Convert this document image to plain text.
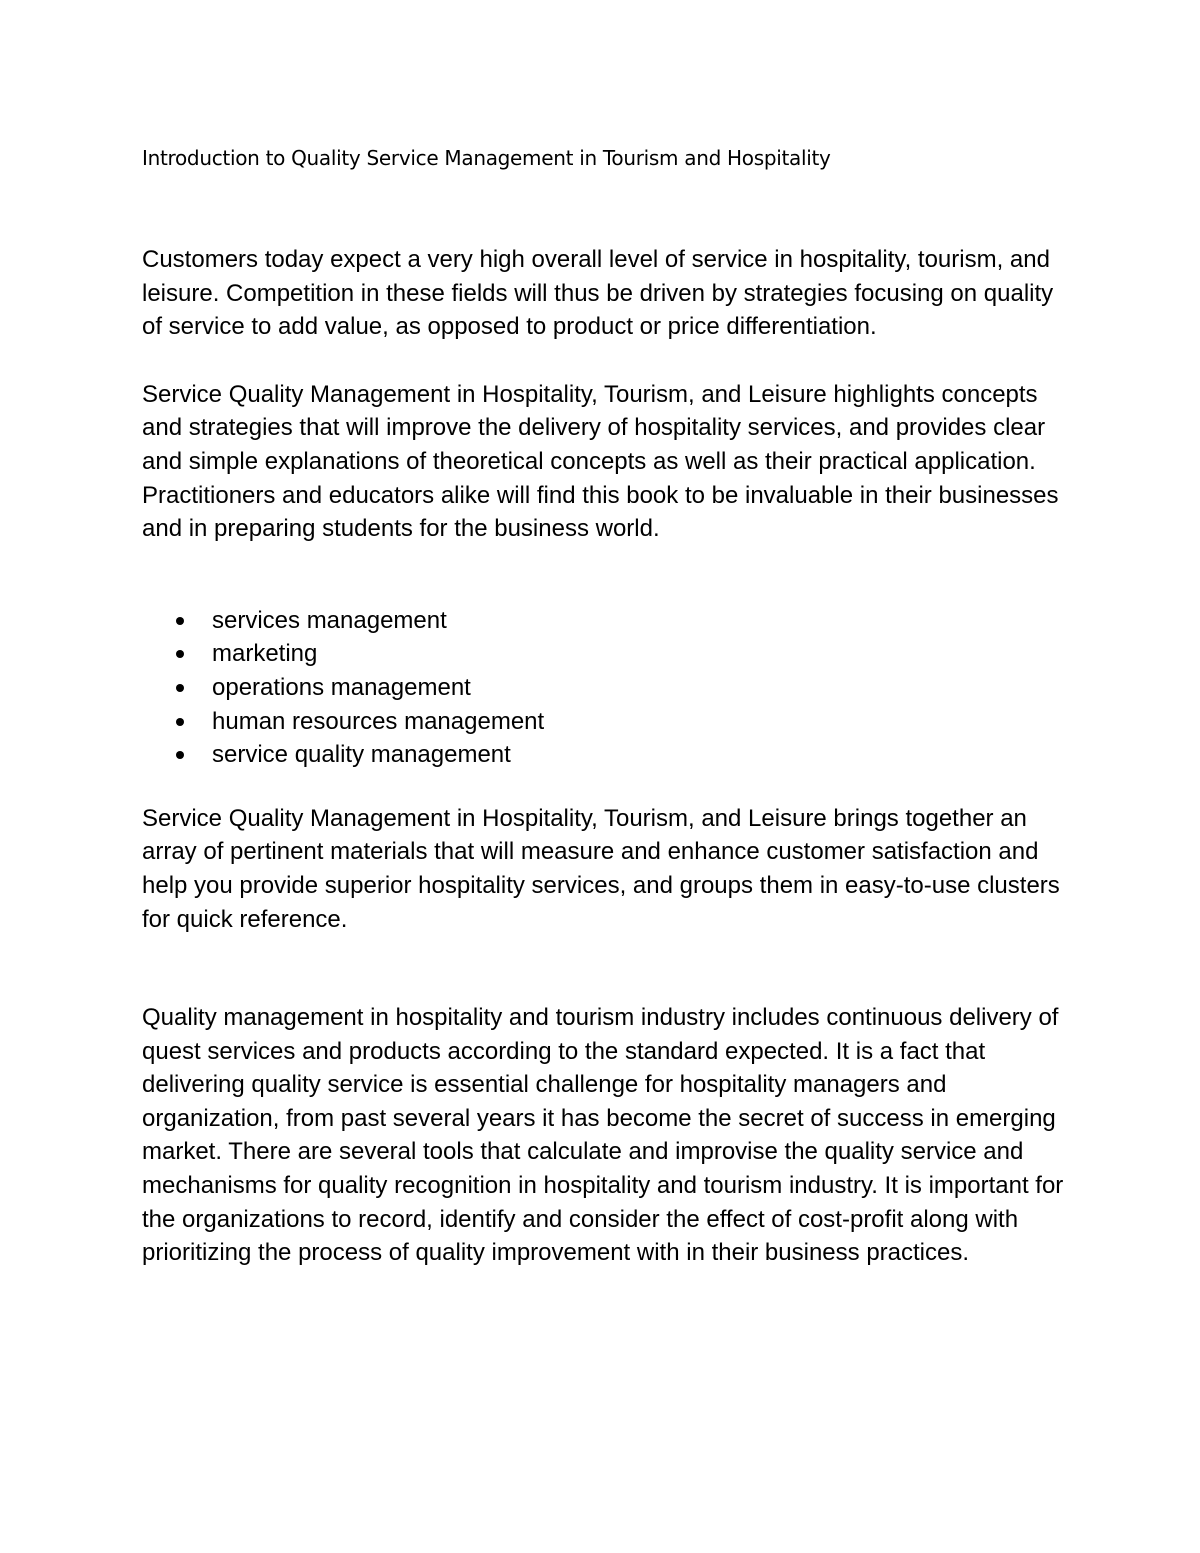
Introduction to Quality Service Management in Tourism and Hospitality

Customers today expect a very high overall level of service in hospitality, tourism, and leisure. Competition in these fields will thus be driven by strategies focusing on quality of service to add value, as opposed to product or price differentiation.

Service Quality Management in Hospitality, Tourism, and Leisure highlights concepts and strategies that will improve the delivery of hospitality services, and provides clear and simple explanations of theoretical concepts as well as their practical application. Practitioners and educators alike will find this book to be invaluable in their businesses and in preparing students for the business world.

services management
marketing
operations management
human resources management
service quality management

Service Quality Management in Hospitality, Tourism, and Leisure brings together an array of pertinent materials that will measure and enhance customer satisfaction and help you provide superior hospitality services, and groups them in easy-to-use clusters for quick reference.

Quality management in hospitality and tourism industry includes continuous delivery of quest services and products according to the standard expected. It is a fact that delivering quality service is essential challenge for hospitality managers and organization, from past several years it has become the secret of success in emerging market. There are several tools that calculate and improvise the quality service and mechanisms for quality recognition in hospitality and tourism industry. It is important for the organizations to record, identify and consider the effect of cost-profit along with prioritizing the process of quality improvement with in their business practices.
